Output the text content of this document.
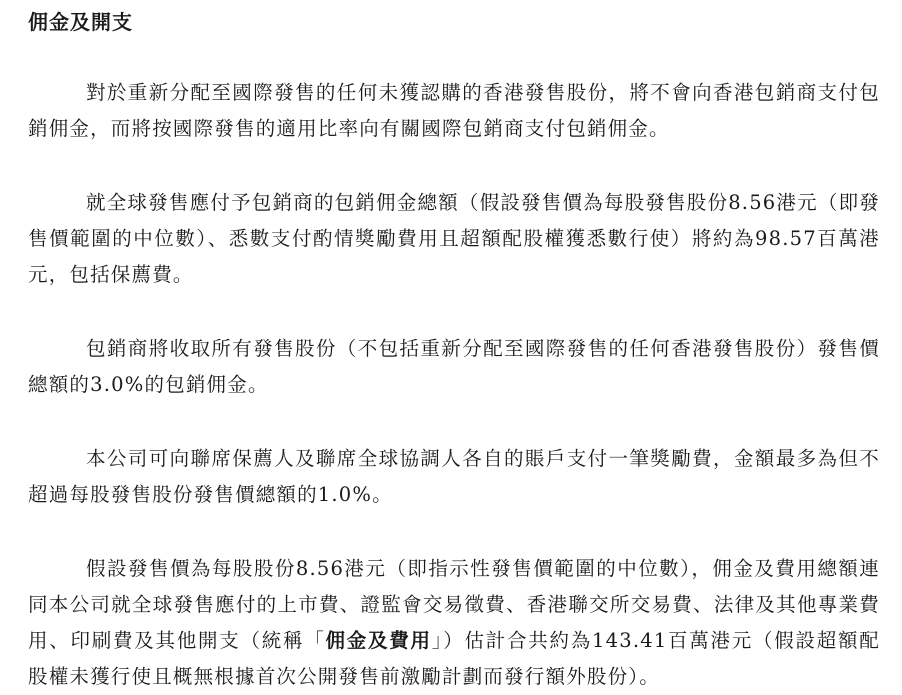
佣金及開支

對於重新分配至國際發售的任何未獲認購的香港發售股份，將不會向香港包銷商支付包銷佣金，而將按國際發售的適用比率向有關國際包銷商支付包銷佣金。

就全球發售應付予包銷商的包銷佣金總額（假設發售價為每股發售股份8.56港元（即發售價範圍的中位數）、悉數支付酌情獎勵費用且超額配股權獲悉數行使）將約為98.57百萬港元，包括保薦費。

包銷商將收取所有發售股份（不包括重新分配至國際發售的任何香港發售股份）發售價總額的3.0%的包銷佣金。

本公司可向聯席保薦人及聯席全球協調人各自的賬戶支付一筆獎勵費，金額最多為但不超過每股發售股份發售價總額的1.0%。

假設發售價為每股股份8.56港元（即指示性發售價範圍的中位數），佣金及費用總額連同本公司就全球發售應付的上市費、證監會交易徵費、香港聯交所交易費、法律及其他專業費用、印刷費及其他開支（統稱「佣金及費用」）估計合共約為143.41百萬港元（假設超額配股權未獲行使且概無根據首次公開發售前激勵計劃而發行額外股份）。
